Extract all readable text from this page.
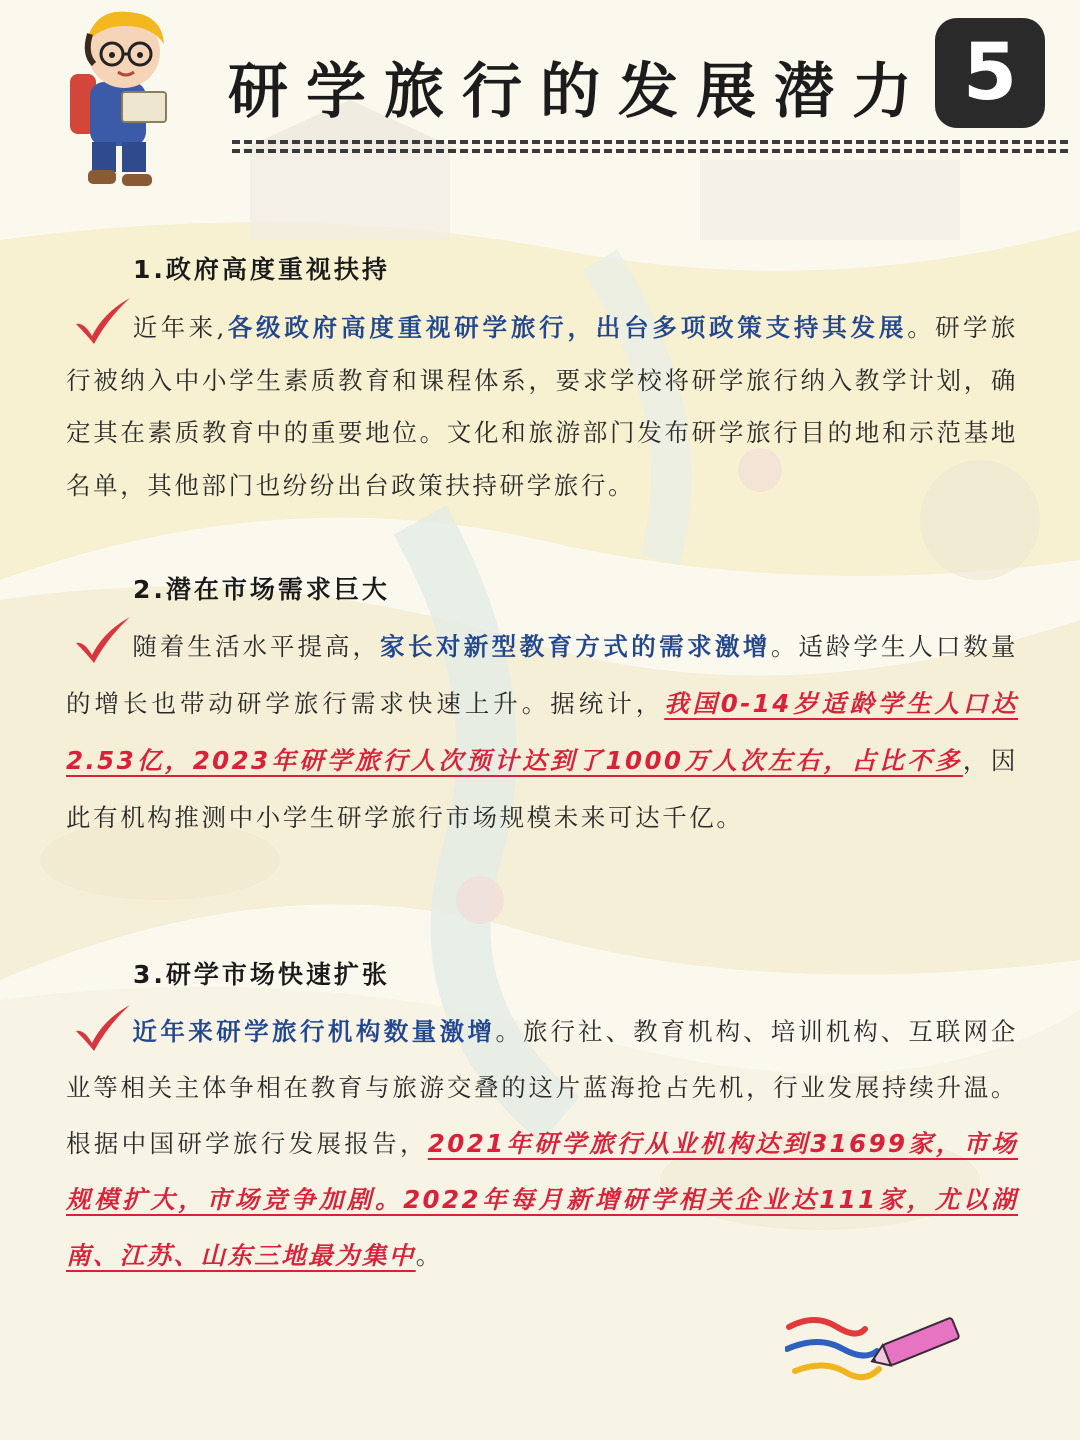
研学旅行的发展潜力 5
1.政府高度重视扶持
近年来,各级政府高度重视研学旅行，出台多项政策支持其发展。研学旅行被纳入中小学生素质教育和课程体系，要求学校将研学旅行纳入教学计划，确定其在素质教育中的重要地位。文化和旅游部门发布研学旅行目的地和示范基地名单，其他部门也纷纷出台政策扶持研学旅行。
2.潜在市场需求巨大
随着生活水平提高，家长对新型教育方式的需求激增。适龄学生人口数量的增长也带动研学旅行需求快速上升。据统计，我国0-14岁适龄学生人口达2.53亿，2023年研学旅行人次预计达到了1000万人次左右，占比不多，因此有机构推测中小学生研学旅行市场规模未来可达千亿。
3.研学市场快速扩张
近年来研学旅行机构数量激增。旅行社、教育机构、培训机构、互联网企业等相关主体争相在教育与旅游交叠的这片蓝海抢占先机，行业发展持续升温。根据中国研学旅行发展报告，2021年研学旅行从业机构达到31699家，市场规模扩大，市场竞争加剧。2022年每月新增研学相关企业达111家，尤以湖南、江苏、山东三地最为集中。
